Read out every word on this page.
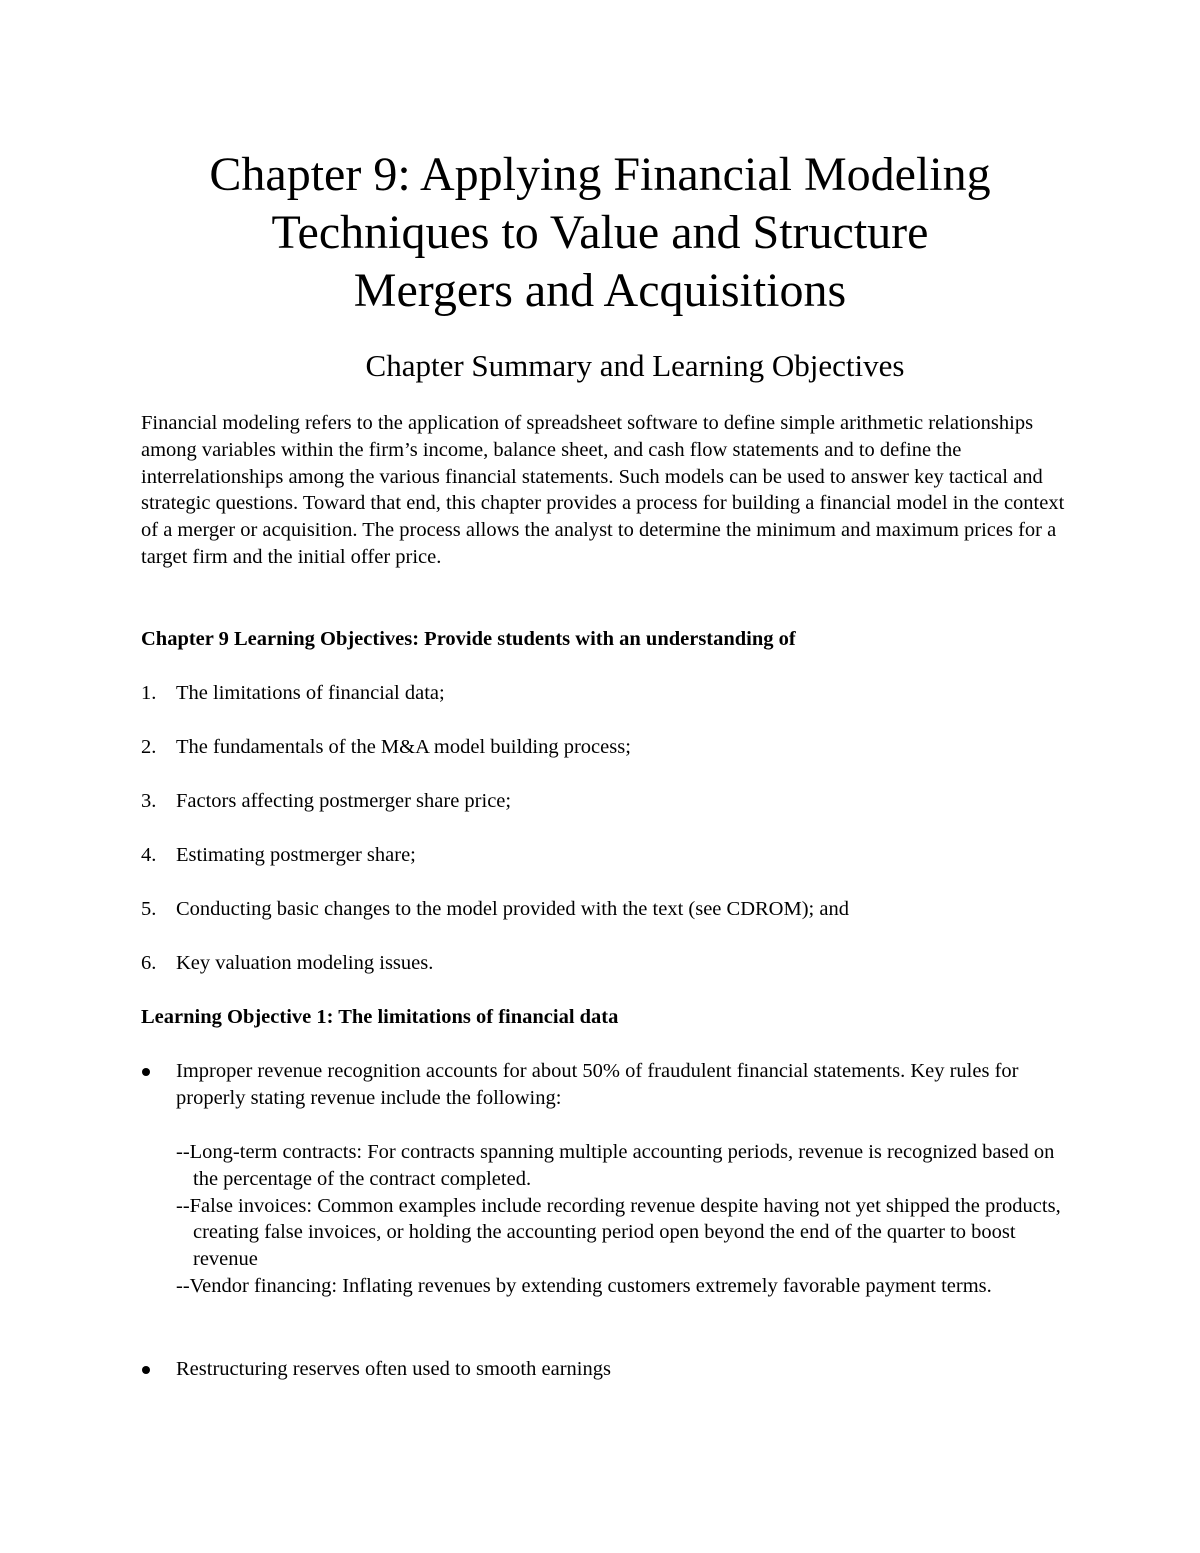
Chapter 9: Applying Financial Modeling Techniques to Value and Structure Mergers and Acquisitions
Chapter Summary and Learning Objectives

Financial modeling refers to the application of spreadsheet software to define simple arithmetic relationships among variables within the firm’s income, balance sheet, and cash flow statements and to define the interrelationships among the various financial statements. Such models can be used to answer key tactical and strategic questions. Toward that end, this chapter provides a process for building a financial model in the context of a merger or acquisition. The process allows the analyst to determine the minimum and maximum prices for a target firm and the initial offer price.

Chapter 9 Learning Objectives: Provide students with an understanding of

1. The limitations of financial data;

2. The fundamentals of the M&A model building process;

3. Factors affecting postmerger share price;

4. Estimating postmerger share;

5. Conducting basic changes to the model provided with the text (see CDROM); and

6. Key valuation modeling issues.

Learning Objective 1: The limitations of financial data

Improper revenue recognition accounts for about 50% of fraudulent financial statements. Key rules for properly stating revenue include the following:
--Long-term contracts: For contracts spanning multiple accounting periods, revenue is recognized based on the percentage of the contract completed.
--False invoices: Common examples include recording revenue despite having not yet shipped the products, creating false invoices, or holding the accounting period open beyond the end of the quarter to boost revenue
--Vendor financing: Inflating revenues by extending customers extremely favorable payment terms.
Restructuring reserves often used to smooth earnings
